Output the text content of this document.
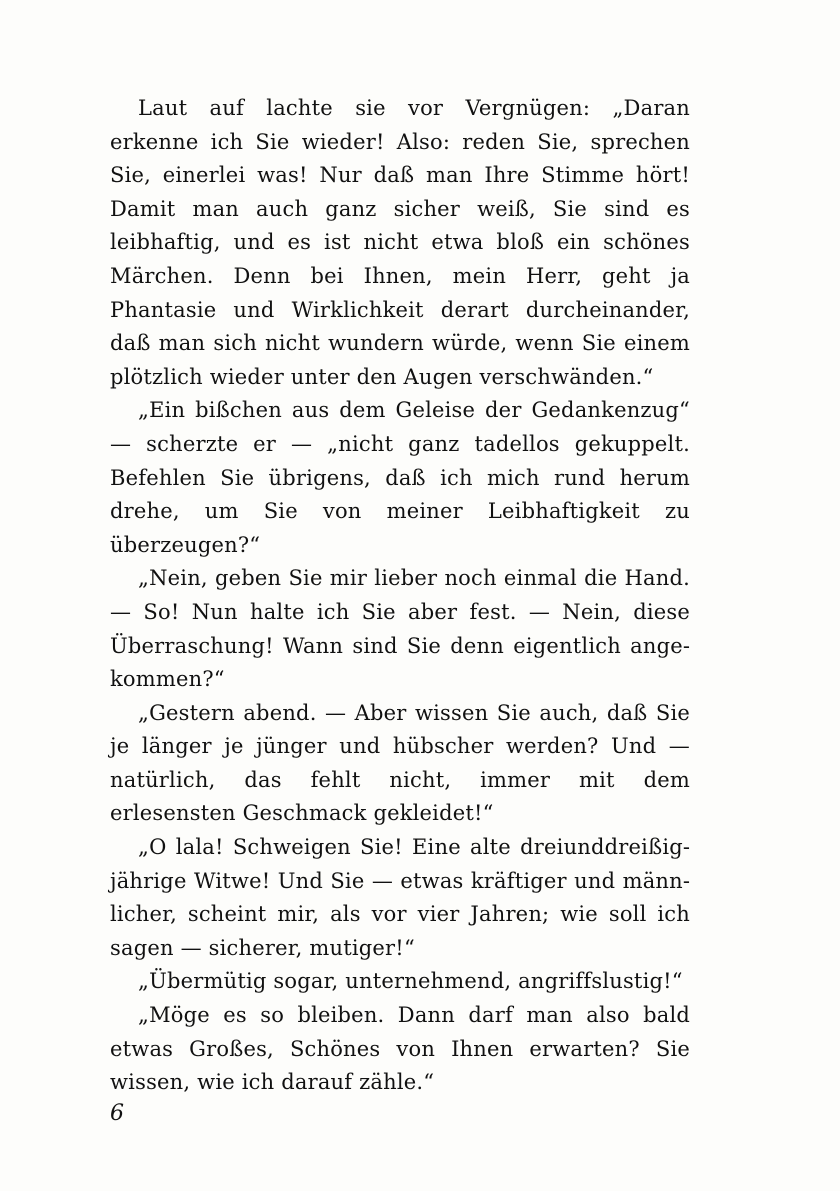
Laut auf lachte sie vor Vergnügen: „Daran erkenne ich Sie wieder! Also: reden Sie, sprechen Sie, einerlei was! Nur daß man Ihre Stimme hört! Damit man auch ganz sicher weiß, Sie sind es leibhaftig, und es ist nicht etwa bloß ein schönes Märchen. Denn bei Ihnen, mein Herr, geht ja Phantasie und Wirklichkeit derart durcheinander, daß man sich nicht wundern würde, wenn Sie einem plötzlich wieder unter den Augen verschwänden.“

„Ein bißchen aus dem Geleise der Gedankenzug“ — scherzte er — „nicht ganz tadellos gekuppelt. Befehlen Sie übrigens, daß ich mich rund herum drehe, um Sie von meiner Leibhaftigkeit zu überzeugen?“

„Nein, geben Sie mir lieber noch einmal die Hand. — So! Nun halte ich Sie aber fest. — Nein, diese Überraschung! Wann sind Sie denn eigentlich angekommen?“

„Gestern abend. — Aber wissen Sie auch, daß Sie je länger je jünger und hübscher werden? Und — natürlich, das fehlt nicht, immer mit dem erlesensten Geschmack gekleidet!“

„O lala! Schweigen Sie! Eine alte dreiunddreißigjährige Witwe! Und Sie — etwas kräftiger und männlicher, scheint mir, als vor vier Jahren; wie soll ich sagen — sicherer, mutiger!“

„Übermütig sogar, unternehmend, angriffslustig!“

„Möge es so bleiben. Dann darf man also bald etwas Großes, Schönes von Ihnen erwarten? Sie wissen, wie ich darauf zähle.“

6
